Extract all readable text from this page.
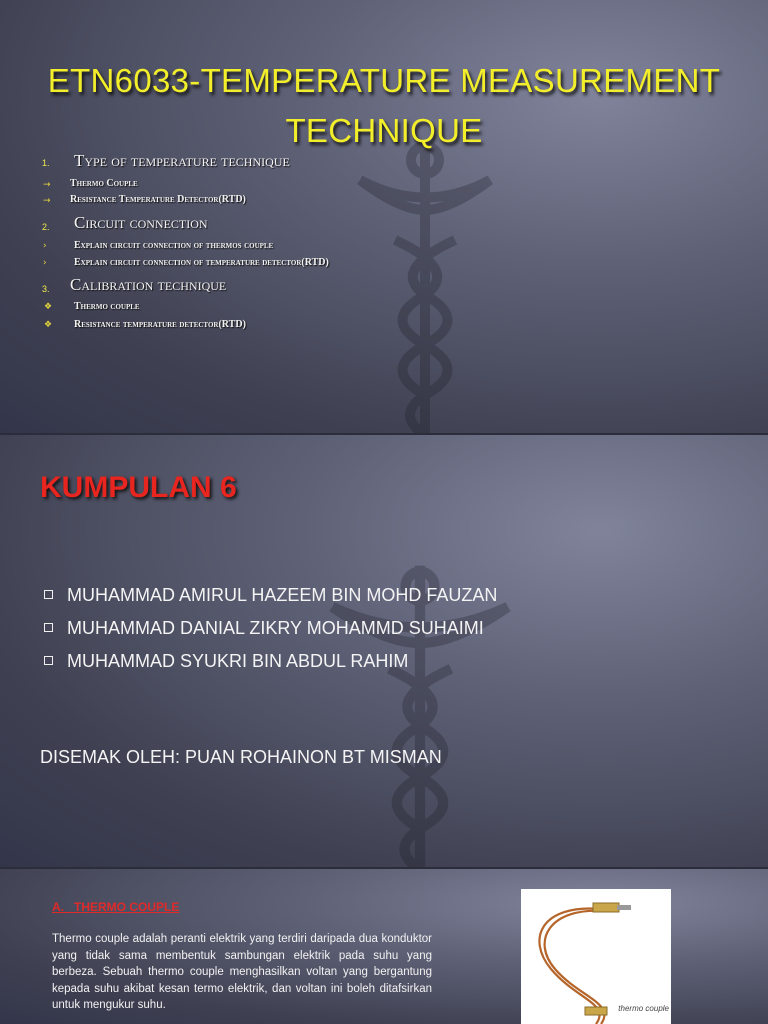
ETN6033-TEMPERATURE MEASUREMENT
TECHNIQUE
1. Type of temperature technique
→ Thermo Couple
→ Resistance Temperature Detector(RTD)
2. Circuit connection
›	Explain circuit connection of thermos couple
›	Explain circuit connection of temperature detector(RTD)
3. Calibration technique
❖ Thermo couple
❖ Resistance temperature detector(RTD)
KUMPULAN 6
MUHAMMAD AMIRUL HAZEEM BIN MOHD FAUZAN
MUHAMMAD DANIAL ZIKRY MOHAMMD SUHAIMI
MUHAMMAD SYUKRI BIN ABDUL RAHIM
DISEMAK OLEH: PUAN ROHAINON BT MISMAN
A. THERMO COUPLE
Thermo couple adalah peranti elektrik yang terdiri daripada dua konduktor yang tidak sama membentuk sambungan elektrik pada suhu yang berbeza. Sebuah thermo couple menghasilkan voltan yang bergantung kepada suhu akibat kesan termo elektrik, dan voltan ini boleh ditafsirkan untuk mengukur suhu.	thermo couple
